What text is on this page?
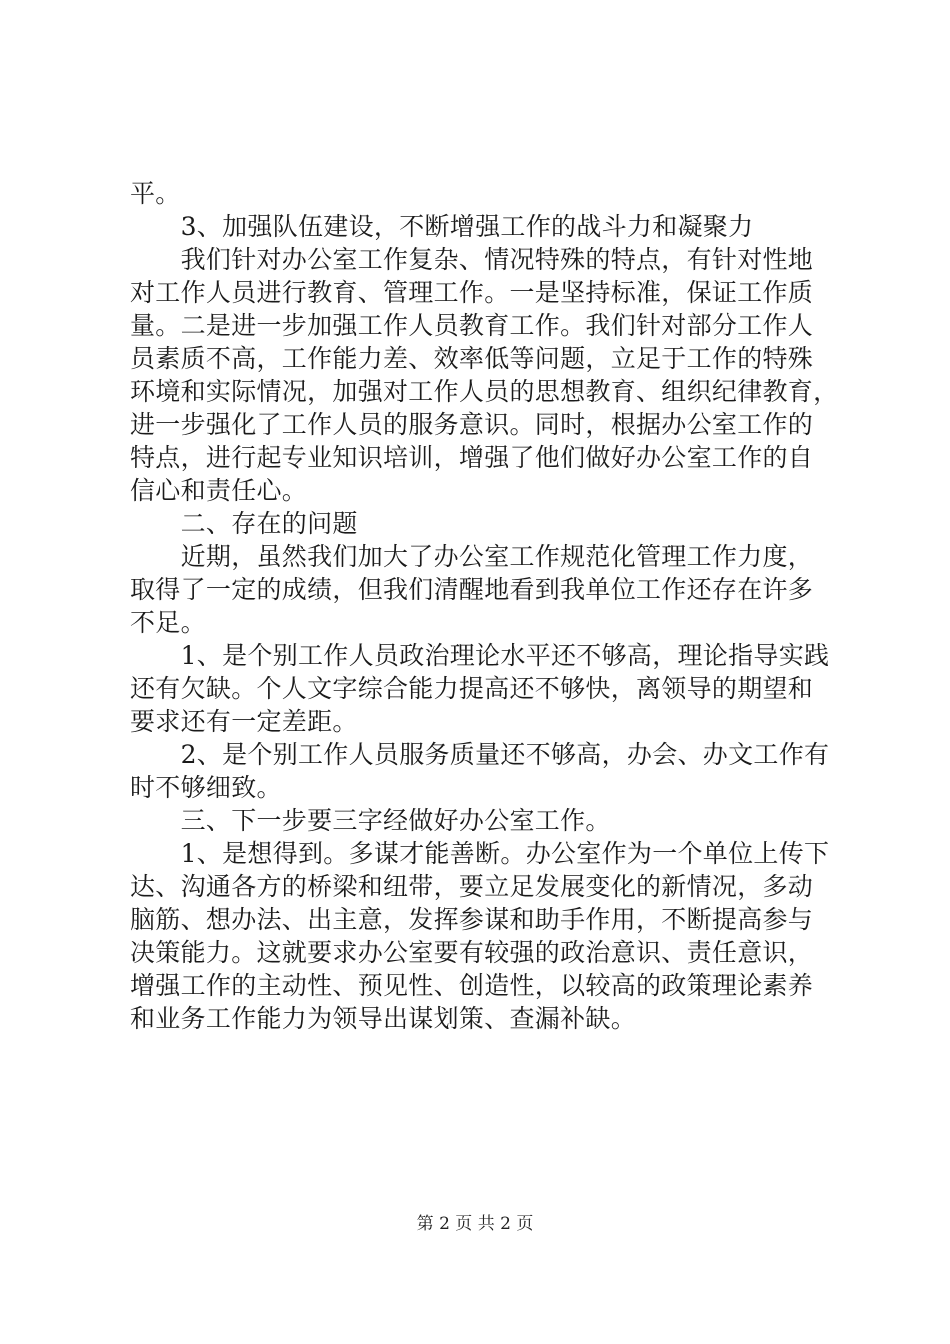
平。
　　3、加强队伍建设，不断增强工作的战斗力和凝聚力
　　我们针对办公室工作复杂、情况特殊的特点，有针对性地
对工作人员进行教育、管理工作。一是坚持标准，保证工作质
量。二是进一步加强工作人员教育工作。我们针对部分工作人
员素质不高，工作能力差、效率低等问题，立足于工作的特殊
环境和实际情况，加强对工作人员的思想教育、组织纪律教育，
进一步强化了工作人员的服务意识。同时，根据办公室工作的
特点，进行起专业知识培训，增强了他们做好办公室工作的自
信心和责任心。
　　二、存在的问题
　　近期，虽然我们加大了办公室工作规范化管理工作力度，
取得了一定的成绩，但我们清醒地看到我单位工作还存在许多
不足。
　　1、是个别工作人员政治理论水平还不够高，理论指导实践
还有欠缺。个人文字综合能力提高还不够快，离领导的期望和
要求还有一定差距。
　　2、是个别工作人员服务质量还不够高，办会、办文工作有
时不够细致。
　　三、下一步要三字经做好办公室工作。
　　1、是想得到。多谋才能善断。办公室作为一个单位上传下
达、沟通各方的桥梁和纽带，要立足发展变化的新情况，多动
脑筋、想办法、出主意，发挥参谋和助手作用，不断提高参与
决策能力。这就要求办公室要有较强的政治意识、责任意识，
增强工作的主动性、预见性、创造性，以较高的政策理论素养
和业务工作能力为领导出谋划策、查漏补缺。
第 2 页 共 2 页
